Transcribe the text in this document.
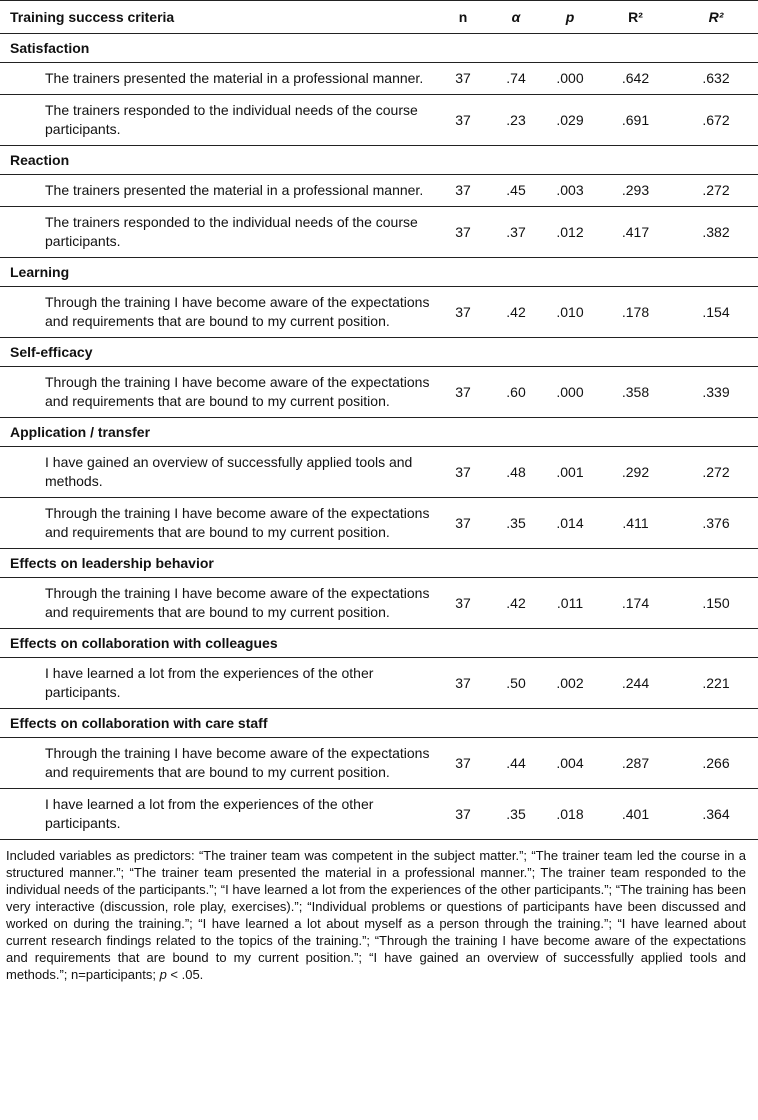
Training success criteria	n	α	p	R²	R²
Satisfaction					
The trainers presented the material in a professional manner.	37	.74	.000	.642	.632
The trainers responded to the individual needs of the course participants.	37	.23	.029	.691	.672
Reaction					
The trainers presented the material in a professional manner.	37	.45	.003	.293	.272
The trainers responded to the individual needs of the course participants.	37	.37	.012	.417	.382
Learning					
Through the training I have become aware of the expectations and requirements that are bound to my current position.	37	.42	.010	.178	.154
Self-efficacy					
Through the training I have become aware of the expectations and requirements that are bound to my current position.	37	.60	.000	.358	.339
Application / transfer					
I have gained an overview of successfully applied tools and methods.	37	.48	.001	.292	.272
Through the training I have become aware of the expectations and requirements that are bound to my current position.	37	.35	.014	.411	.376
Effects on leadership behavior					
Through the training I have become aware of the expectations and requirements that are bound to my current position.	37	.42	.011	.174	.150
Effects on collaboration with colleagues					
I have learned a lot from the experiences of the other participants.	37	.50	.002	.244	.221
Effects on collaboration with care staff					
Through the training I have become aware of the expectations and requirements that are bound to my current position.	37	.44	.004	.287	.266
I have learned a lot from the experiences of the other participants.	37	.35	.018	.401	.364
Included variables as predictors: “The trainer team was competent in the subject matter.”; “The trainer team led the course in a structured manner.”; “The trainer team presented the material in a professional manner.”; The trainer team responded to the individual needs of the participants.”; “I have learned a lot from the experiences of the other participants.”; “The training has been very interactive (discussion, role play, exercises).”; “Individual problems or questions of participants have been discussed and worked on during the training.”; “I have learned a lot about myself as a person through the training.”; “I have learned about current research findings related to the topics of the training.”; “Through the training I have become aware of the expectations and requirements that are bound to my current position.”; “I have gained an overview of successfully applied tools and methods.”; n=participants; p < .05.
